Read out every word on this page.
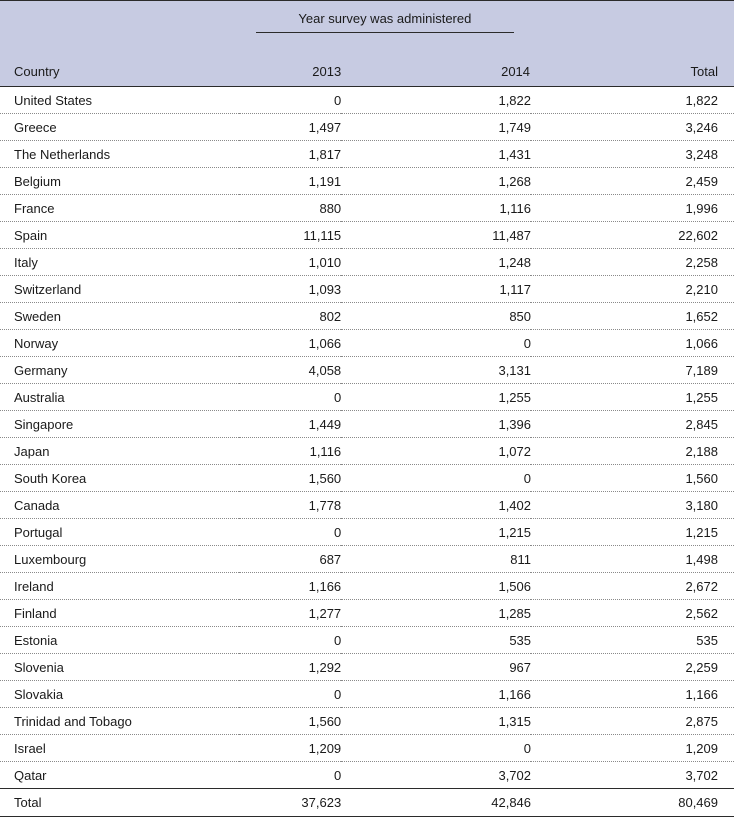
	Year survey was administered		

Country	2013	2014	Total
United States	0	1,822	1,822
Greece	1,497	1,749	3,246
The Netherlands	1,817	1,431	3,248
Belgium	1,191	1,268	2,459
France	880	1,116	1,996
Spain	11,115	11,487	22,602
Italy	1,010	1,248	2,258
Switzerland	1,093	1,117	2,210
Sweden	802	850	1,652
Norway	1,066	0	1,066
Germany	4,058	3,131	7,189
Australia	0	1,255	1,255
Singapore	1,449	1,396	2,845
Japan	1,116	1,072	2,188
South Korea	1,560	0	1,560
Canada	1,778	1,402	3,180
Portugal	0	1,215	1,215
Luxembourg	687	811	1,498
Ireland	1,166	1,506	2,672
Finland	1,277	1,285	2,562
Estonia	0	535	535
Slovenia	1,292	967	2,259
Slovakia	0	1,166	1,166
Trinidad and Tobago	1,560	1,315	2,875
Israel	1,209	0	1,209
Qatar	0	3,702	3,702
Total	37,623	42,846	80,469
